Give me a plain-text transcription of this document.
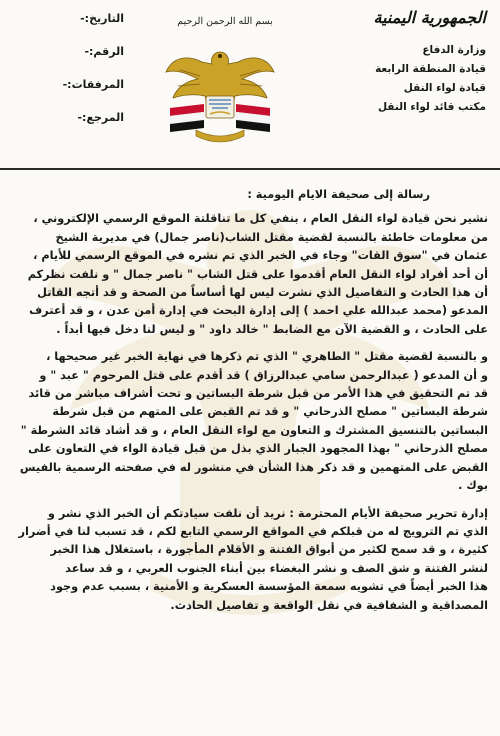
الجمهورية اليمنية
وزارة الدفاع
قيادة المنطقة الرابعة
قيادة لواء النقل
مكتب قائد لواء النقل
بسم الله الرحمن الرحيم
التاريخ:-
الرقم:-
المرفقات:-
المرجع:-
رسالة إلى صحيفة الايام اليومية :

نشير نحن قيادة لواء النقل العام ، بنفي كل ما تناقلتة الموقع الرسمي الإلكتروني ،

من معلومات خاطئة بالنسبة لقضية مقتل الشاب(ناصر جمال) في مديرية الشيخ

عثمان في "سوق القات" وجاء في الخبر الذي تم نشره في الموقع الرسمي للأيام ،

أن أحد أفراد لواء النقل العام أقدموا على قتل الشاب " ناصر جمال " و نلفت نظركم

أن هذا الحادث و التفاصيل الذي نشرت ليس لها أساساً من الصحة و قد أتجه القاتل

المدعو (محمد عبدالله علي احمد ) إلى إدارة البحث في إدارة أمن عدن ، و قد أعترف

على الحادث ، و القضية الآن مع الضابط " خالد داود " و ليس لنا دخل فيها أبداً .

و بالنسبة لقضية مقتل " الطاهري " الذي تم ذكرها في نهاية الخبر غير صحيحها ،

و أن المدعو ( عبدالرحمن سامي عبدالرزاق ) قد أقدم على قتل المرحوم " عبد " و

قد تم التحقيق في هذا الأمر من قبل شرطة البساتين و تحت أشراف مباشر من قائد

شرطة البساتين " مصلح الذرحاني " و قد تم القبض على المتهم من قبل شرطة

البساتين بالتنسيق المشترك و التعاون مع لواء النقل العام ، و قد أشاد قائد الشرطة "

مصلح الذرحاني " بهذا المجهود الجبار الذي بذل من قبل قيادة الواء في التعاون على

القبض على المتهمين و قد ذكر هذا الشأن في منشور له في صفحته الرسمية بالفيس

بوك .

إدارة تحرير صحيفة الأيام المحترمة : نريد أن نلفت سيادتكم أن الخبر الذي نشر و

الذي تم الترويج له من قبلكم في المواقع الرسمي التابع لكم ، قد تسبب لنا في أضرار

كثيرة ، و قد سمح لكثير من أبواق الفتنة و الأقلام المأجورة ، باستغلال هذا الخبر

لنشر الفتنة و شق الصف و نشر البغضاء بين أبناء الجنوب العربي ، و قد ساعد

هذا الخبر أيضاً في تشويه سمعة المؤسسة العسكرية و الأمنية ، بسبب عدم وجود

المصداقية و الشفافية في نقل الواقعة و تفاصيل الحادث.
